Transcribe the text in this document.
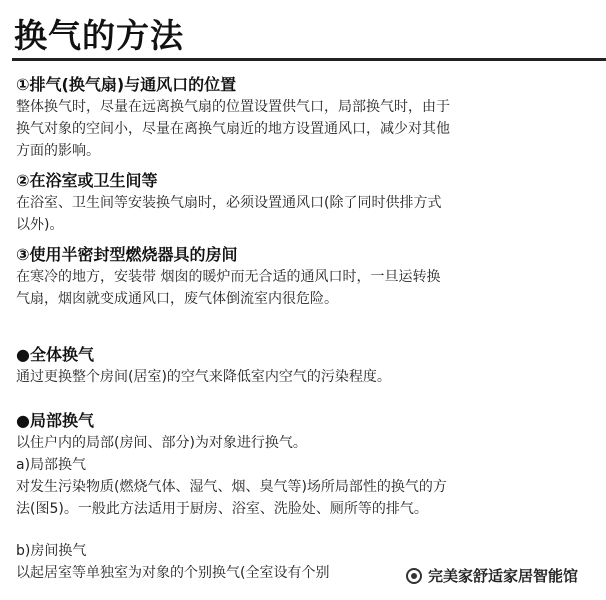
换气的方法
①排气(换气扇)与通风口的位置
整体换气时，尽量在远离换气扇的位置设置供气口，局部换气时，由于
换气对象的空间小，尽量在离换气扇近的地方设置通风口，减少对其他
方面的影响。
②在浴室或卫生间等
在浴室、卫生间等安装换气扇时，必须设置通风口(除了同时供排方式
以外)。
③使用半密封型燃烧器具的房间
在寒冷的地方，安装带 烟囱的暖炉而无合适的通风口时，一旦运转换
气扇，烟囱就变成通风口，废气体倒流室内很危险。
●全体换气
通过更换整个房间(居室)的空气来降低室内空气的污染程度。
●局部换气
以住户内的局部(房间、部分)为对象进行换气。
a)局部换气
对发生污染物质(燃烧气体、湿气、烟、臭气等)场所局部性的换气的方
法(图5)。一般此方法适用于厨房、浴室、洗脸处、厕所等的排气。
b)房间换气
以起居室等单独室为对象的个别换气(全室设有个别	完美家舒适家居智能馆
